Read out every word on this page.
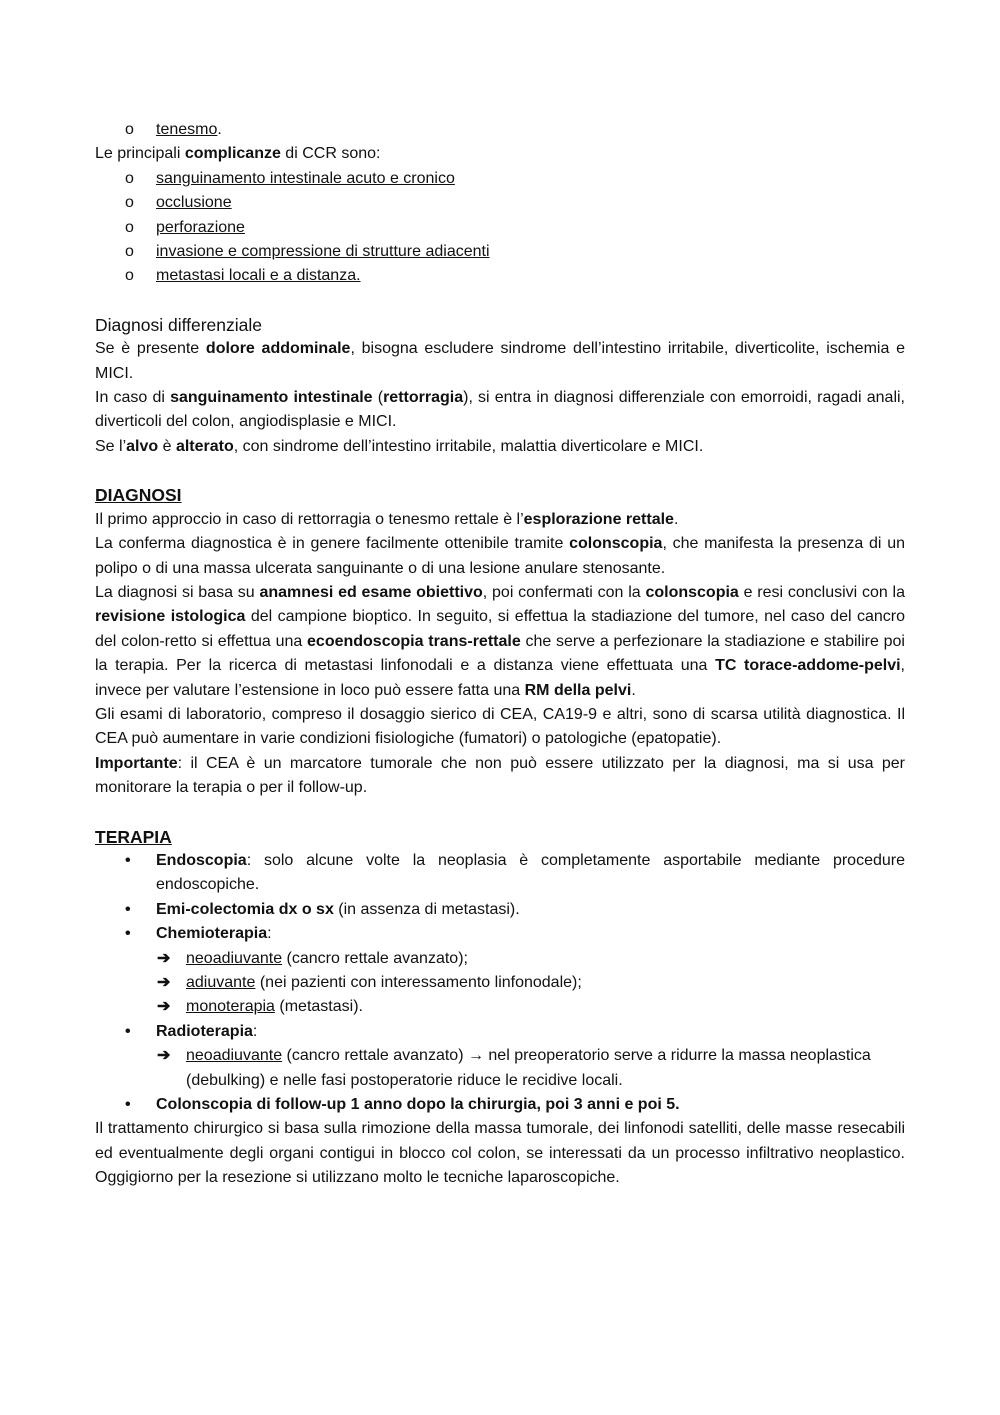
o tenesmo.

Le principali complicanze di CCR sono:

o sanguinamento intestinale acuto e cronico
o occlusione
o perforazione
o invasione e compressione di strutture adiacenti
o metastasi locali e a distanza.
Diagnosi differenziale

Se è presente dolore addominale, bisogna escludere sindrome dell’intestino irritabile, diverticolite, ischemia e MICI.

In caso di sanguinamento intestinale (rettorragia), si entra in diagnosi differenziale con emorroidi, ragadi anali, diverticoli del colon, angiodisplasie e MICI.

Se l’alvo è alterato, con sindrome dell’intestino irritabile, malattia diverticolare e MICI.

DIAGNOSI

Il primo approccio in caso di rettorragia o tenesmo rettale è l’esplorazione rettale.

La conferma diagnostica è in genere facilmente ottenibile tramite colonscopia, che manifesta la presenza di un polipo o di una massa ulcerata sanguinante o di una lesione anulare stenosante.

La diagnosi si basa su anamnesi ed esame obiettivo, poi confermati con la colonscopia e resi conclusivi con la revisione istologica del campione bioptico. In seguito, si effettua la stadiazione del tumore, nel caso del cancro del colon-retto si effettua una ecoendoscopia trans-rettale che serve a perfezionare la stadiazione e stabilire poi la terapia. Per la ricerca di metastasi linfonodali e a distanza viene effettuata una TC torace-addome-pelvi, invece per valutare l’estensione in loco può essere fatta una RM della pelvi.

Gli esami di laboratorio, compreso il dosaggio sierico di CEA, CA19-9 e altri, sono di scarsa utilità diagnostica. Il CEA può aumentare in varie condizioni fisiologiche (fumatori) o patologiche (epatopatie).

Importante: il CEA è un marcatore tumorale che non può essere utilizzato per la diagnosi, ma si usa per monitorare la terapia o per il follow-up.

TERAPIA
• Endoscopia: solo alcune volte la neoplasia è completamente asportabile mediante procedure endoscopiche.

• Emi-colectomia dx o sx (in assenza di metastasi).
• Chemioterapia:
➔ neoadiuvante (cancro rettale avanzato);
➔ adiuvante (nei pazienti con interessamento linfonodale);
➔ monoterapia (metastasi).
• Radioterapia:
➔ neoadiuvante (cancro rettale avanzato) → nel preoperatorio serve a ridurre la massa neoplastica (debulking) e nelle fasi postoperatorie riduce le recidive locali.
• Colonscopia di follow-up 1 anno dopo la chirurgia, poi 3 anni e poi 5.

Il trattamento chirurgico si basa sulla rimozione della massa tumorale, dei linfonodi satelliti, delle masse resecabili ed eventualmente degli organi contigui in blocco col colon, se interessati da un processo infiltrativo neoplastico. Oggigiorno per la resezione si utilizzano molto le tecniche laparoscopiche.
